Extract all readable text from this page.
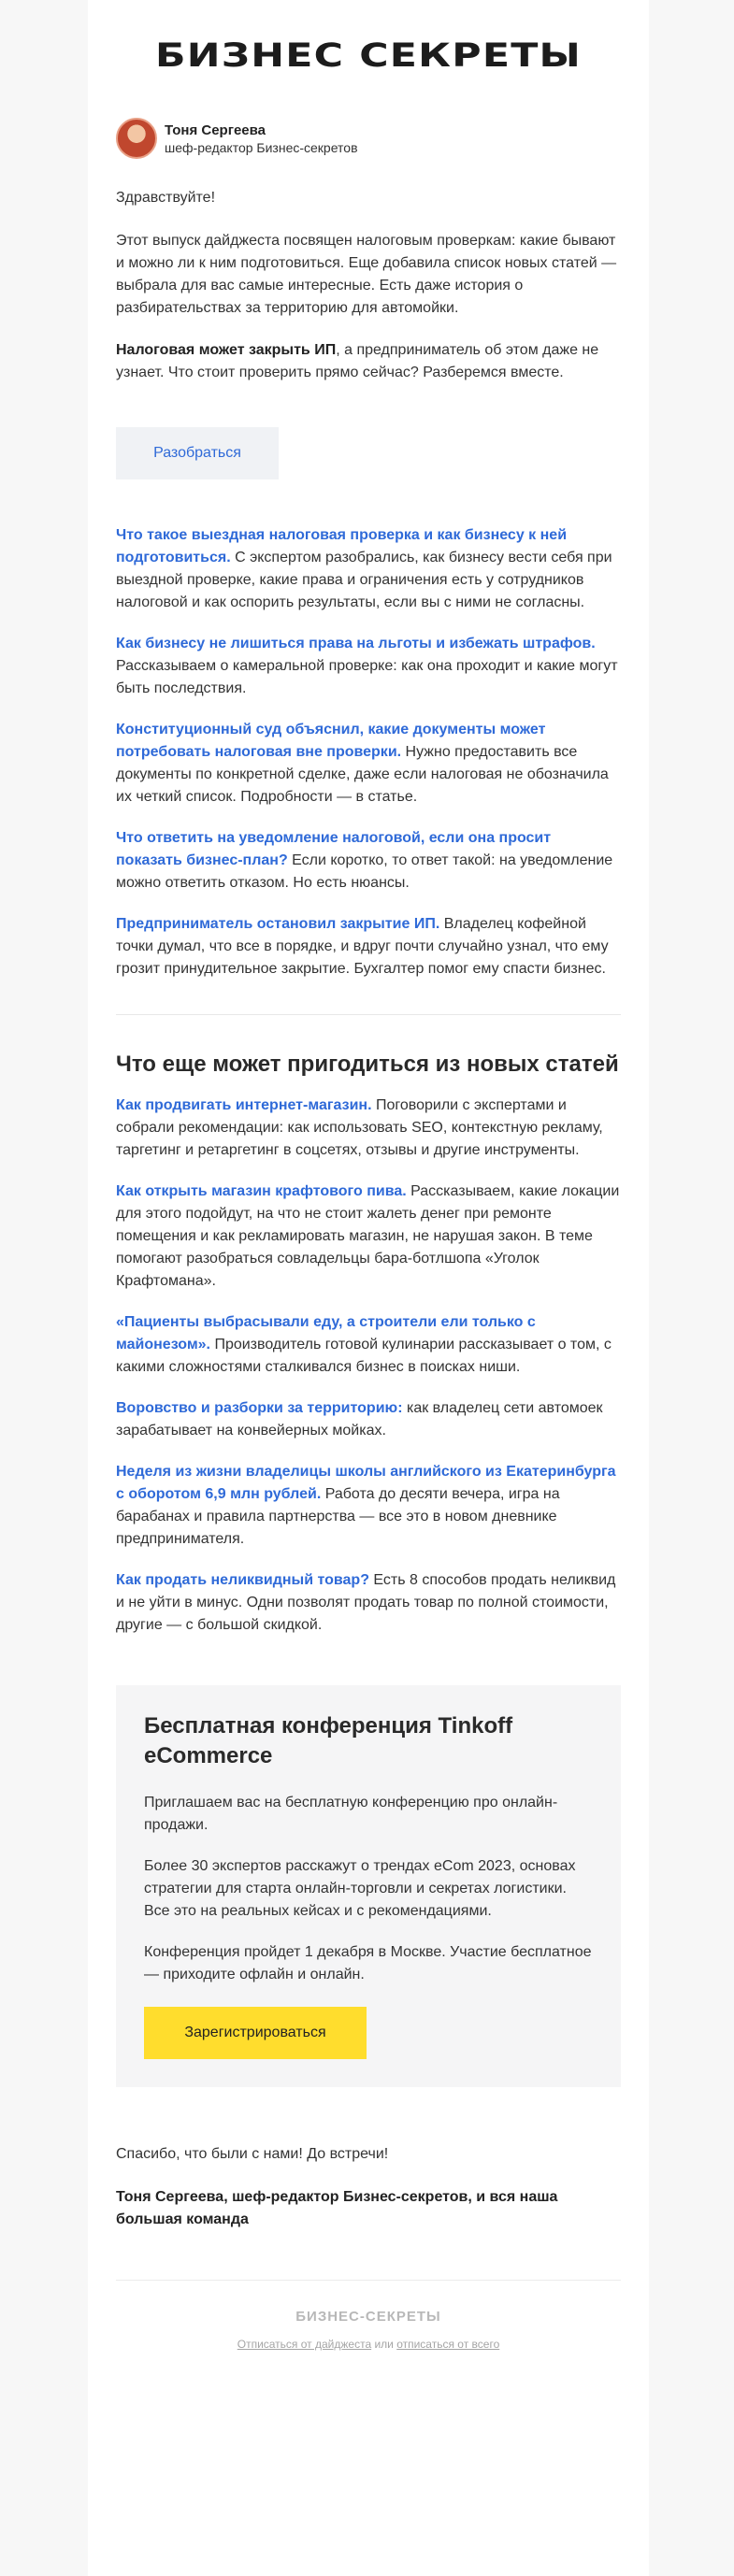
БИЗНЕС СЕКРЕТЫ
Тоня Сергеева
шеф-редактор Бизнес-секретов
Здравствуйте!
Этот выпуск дайджеста посвящен налоговым проверкам: какие бывают и можно ли к ним подготовиться. Еще добавила список новых статей — выбрала для вас самые интересные. Есть даже история о разбирательствах за территорию для автомойки.
Налоговая может закрыть ИП, а предприниматель об этом даже не узнает. Что стоит проверить прямо сейчас? Разберемся вместе.
Разобраться
Что такое выездная налоговая проверка и как бизнесу к ней подготовиться. С экспертом разобрались, как бизнесу вести себя при выездной проверке, какие права и ограничения есть у сотрудников налоговой и как оспорить результаты, если вы с ними не согласны.
Как бизнесу не лишиться права на льготы и избежать штрафов. Рассказываем о камеральной проверке: как она проходит и какие могут быть последствия.
Конституционный суд объяснил, какие документы может потребовать налоговая вне проверки. Нужно предоставить все документы по конкретной сделке, даже если налоговая не обозначила их четкий список. Подробности — в статье.
Что ответить на уведомление налоговой, если она просит показать бизнес-план? Если коротко, то ответ такой: на уведомление можно ответить отказом. Но есть нюансы.
Предприниматель остановил закрытие ИП. Владелец кофейной точки думал, что все в порядке, и вдруг почти случайно узнал, что ему грозит принудительное закрытие. Бухгалтер помог ему спасти бизнес.
Что еще может пригодиться из новых статей
Как продвигать интернет-магазин. Поговорили с экспертами и собрали рекомендации: как использовать SEO, контекстную рекламу, таргетинг и ретаргетинг в соцсетях, отзывы и другие инструменты.
Как открыть магазин крафтового пива. Рассказываем, какие локации для этого подойдут, на что не стоит жалеть денег при ремонте помещения и как рекламировать магазин, не нарушая закон. В теме помогают разобраться совладельцы бара-ботлшопа «Уголок Крафтомана».
«Пациенты выбрасывали еду, а строители ели только с майонезом». Производитель готовой кулинарии рассказывает о том, с какими сложностями сталкивался бизнес в поисках ниши.
Воровство и разборки за территорию: как владелец сети автомоек зарабатывает на конвейерных мойках.
Неделя из жизни владелицы школы английского из Екатеринбурга с оборотом 6,9 млн рублей. Работа до десяти вечера, игра на барабанах и правила партнерства — все это в новом дневнике предпринимателя.
Как продать неликвидный товар? Есть 8 способов продать неликвид и не уйти в минус. Одни позволят продать товар по полной стоимости, другие — с большой скидкой.
Бесплатная конференция Tinkoff eCommerce
Приглашаем вас на бесплатную конференцию про онлайн-продажи.
Более 30 экспертов расскажут о трендах eCom 2023, основах стратегии для старта онлайн-торговли и секретах логистики. Все это на реальных кейсах и с рекомендациями.
Конференция пройдет 1 декабря в Москве. Участие бесплатное — приходите офлайн и онлайн.
Зарегистрироваться
Спасибо, что были с нами! До встречи!
Тоня Сергеева, шеф-редактор Бизнес-секретов, и вся наша большая команда
БИЗНЕС-СЕКРЕТЫ
Отписаться от дайджеста или отписаться от всего
